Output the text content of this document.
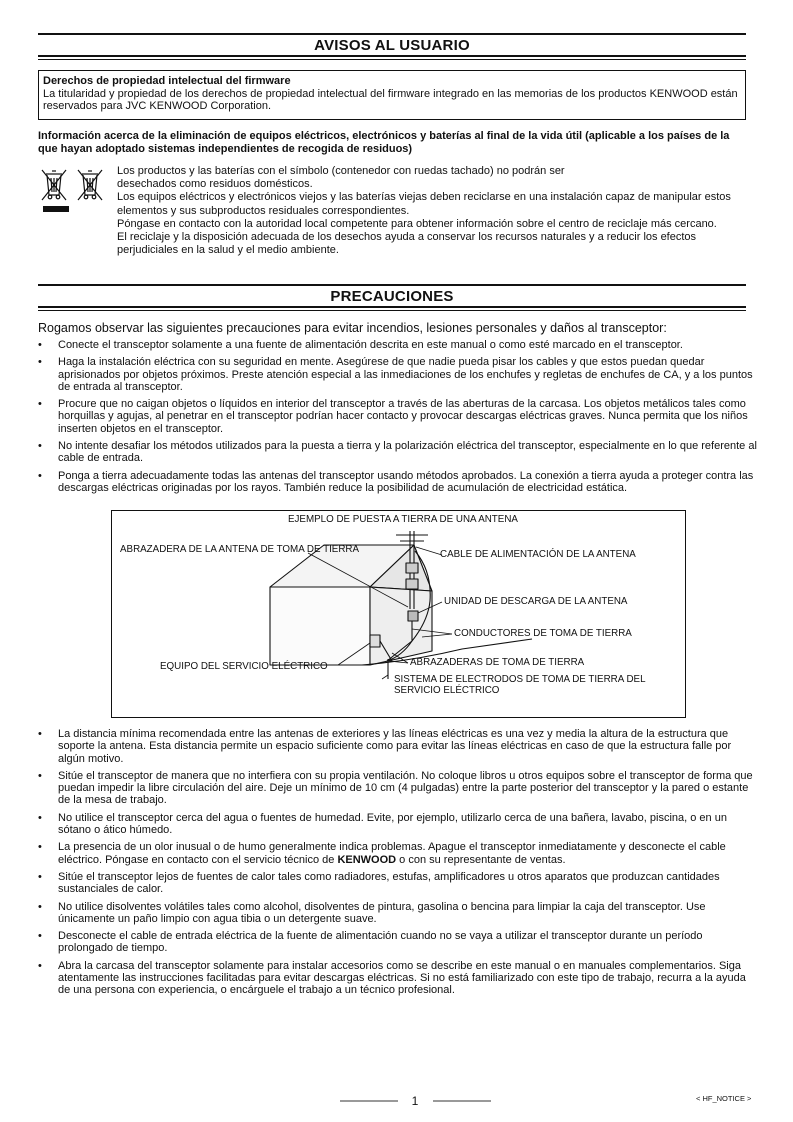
AVISOS AL USUARIO
Derechos de propiedad intelectual del firmware
La titularidad y propiedad de los derechos de propiedad intelectual del firmware integrado en las memorias de los productos KENWOOD están reservados para JVC KENWOOD Corporation.
Información acerca de la eliminación de equipos eléctricos, electrónicos y baterías al final de la vida útil (aplicable a los países de la que hayan adoptado sistemas independientes de recogida de residuos)
Los productos y las baterías con el símbolo (contenedor con ruedas tachado) no podrán ser desechados como residuos domésticos.
Los equipos eléctricos y electrónicos viejos y las baterías viejas deben reciclarse en una instalación capaz de manipular estos elementos y sus subproductos residuales correspondientes.
Póngase en contacto con la autoridad local competente para obtener información sobre el centro de reciclaje más cercano.
El reciclaje y la disposición adecuada de los desechos ayuda a conservar los recursos naturales y a reducir los efectos perjudiciales en la salud y el medio ambiente.
PRECAUCIONES
Rogamos observar las siguientes precauciones para evitar incendios, lesiones personales y daños al transceptor:
• Conecte el transceptor solamente a una fuente de alimentación descrita en este manual o como esté marcado en el transceptor.
• Haga la instalación eléctrica con su seguridad en mente. Asegúrese de que nadie pueda pisar los cables y que estos puedan quedar aprisionados por objetos próximos. Preste atención especial a las inmediaciones de los enchufes y regletas de enchufes de CA, y a los puntos de entrada al transceptor.
• Procure que no caigan objetos o líquidos en interior del transceptor a través de las aberturas de la carcasa. Los objetos metálicos tales como horquillas y agujas, al penetrar en el transceptor podrían hacer contacto y provocar descargas eléctricas graves. Nunca permita que los niños inserten objetos en el transceptor.
• No intente desafiar los métodos utilizados para la puesta a tierra y la polarización eléctrica del transceptor, especialmente en lo que referente al cable de entrada.
• Ponga a tierra adecuadamente todas las antenas del transceptor usando métodos aprobados. La conexión a tierra ayuda a proteger contra las descargas eléctricas originadas por los rayos. También reduce la posibilidad de acumulación de electricidad estática.
EJEMPLO DE PUESTA A TIERRA DE UNA ANTENA
ABRAZADERA DE LA ANTENA DE TOMA DE TIERRA	CABLE DE ALIMENTACIÓN DE LA ANTENA
UNIDAD DE DESCARGA DE LA ANTENA
CONDUCTORES DE TOMA DE TIERRA
EQUIPO DEL SERVICIO ELÉCTRICO	ABRAZADERAS DE TOMA DE TIERRA
SISTEMA DE ELECTRODOS DE TOMA DE TIERRA DEL
SERVICIO ELÉCTRICO
• La distancia mínima recomendada entre las antenas de exteriores y las líneas eléctricas es una vez y media la altura de la estructura que soporte la antena. Esta distancia permite un espacio suficiente como para evitar las líneas eléctricas en caso de que la estructura falle por algún motivo.
• Sitúe el transceptor de manera que no interfiera con su propia ventilación. No coloque libros u otros equipos sobre el transceptor de forma que puedan impedir la libre circulación del aire. Deje un mínimo de 10 cm (4 pulgadas) entre la parte posterior del transceptor y la pared o estante de la mesa de trabajo.
• No utilice el transceptor cerca del agua o fuentes de humedad. Evite, por ejemplo, utilizarlo cerca de una bañera, lavabo, piscina, o en un sótano o ático húmedo.
• La presencia de un olor inusual o de humo generalmente indica problemas. Apague el transceptor inmediatamente y desconecte el cable eléctrico. Póngase en contacto con el servicio técnico de KENWOOD o con su representante de ventas.
• Sitúe el transceptor lejos de fuentes de calor tales como radiadores, estufas, amplificadores u otros aparatos que produzcan cantidades sustanciales de calor.
• No utilice disolventes volátiles tales como alcohol, disolventes de pintura, gasolina o bencina para limpiar la caja del transceptor. Use únicamente un paño limpio con agua tibia o un detergente suave.
• Desconecte el cable de entrada eléctrica de la fuente de alimentación cuando no se vaya a utilizar el transceptor durante un período prolongado de tiempo.
• Abra la carcasa del transceptor solamente para instalar accesorios como se describe en este manual o en manuales complementarios. Siga atentamente las instrucciones facilitadas para evitar descargas eléctricas. Si no está familiarizado con este tipo de trabajo, recurra a la ayuda de una persona con experiencia, o encárguele el trabajo a un técnico profesional.
1	< HF_NOTICE >
